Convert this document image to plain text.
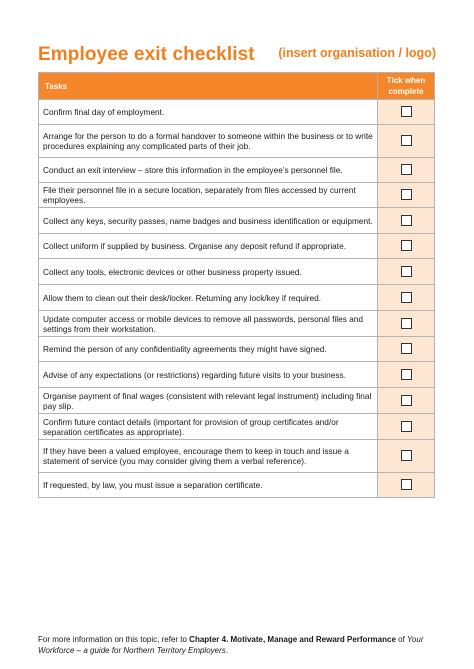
Employee exit checklist (insert organisation / logo)
Tasks	Tick when
complete
Confirm final day of employment.	
Arrange for the person to do a formal handover to someone within the business or to write procedures explaining any complicated parts of their job.	
Conduct an exit interview – store this information in the employee’s personnel file.	
File their personnel file in a secure location, separately from files accessed by current employees.	
Collect any keys, security passes, name badges and business identification or equipment.	
Collect uniform if supplied by business. Organise any deposit refund if appropriate.	
Collect any tools, electronic devices or other business property issued.	
Allow them to clean out their desk/locker. Returning any lock/key if required.	
Update computer access or mobile devices to remove all passwords, personal files and settings from their workstation.	
Remind the person of any confidentiality agreements they might have signed.	
Advise of any expectations (or restrictions) regarding future visits to your business.	
Organise payment of final wages (consistent with relevant legal instrument) including final pay slip.	
Confirm future contact details (important for provision of group certificates and/or separation certificates as appropriate).	
If they have been a valued employee, encourage them to keep in touch and issue a statement of service (you may consider giving them a verbal reference).	
If requested, by law, you must issue a separation certificate.	
For more information on this topic, refer to Chapter 4. Motivate, Manage and Reward Performance of Your Workforce – a guide for Northern Territory Employers.
